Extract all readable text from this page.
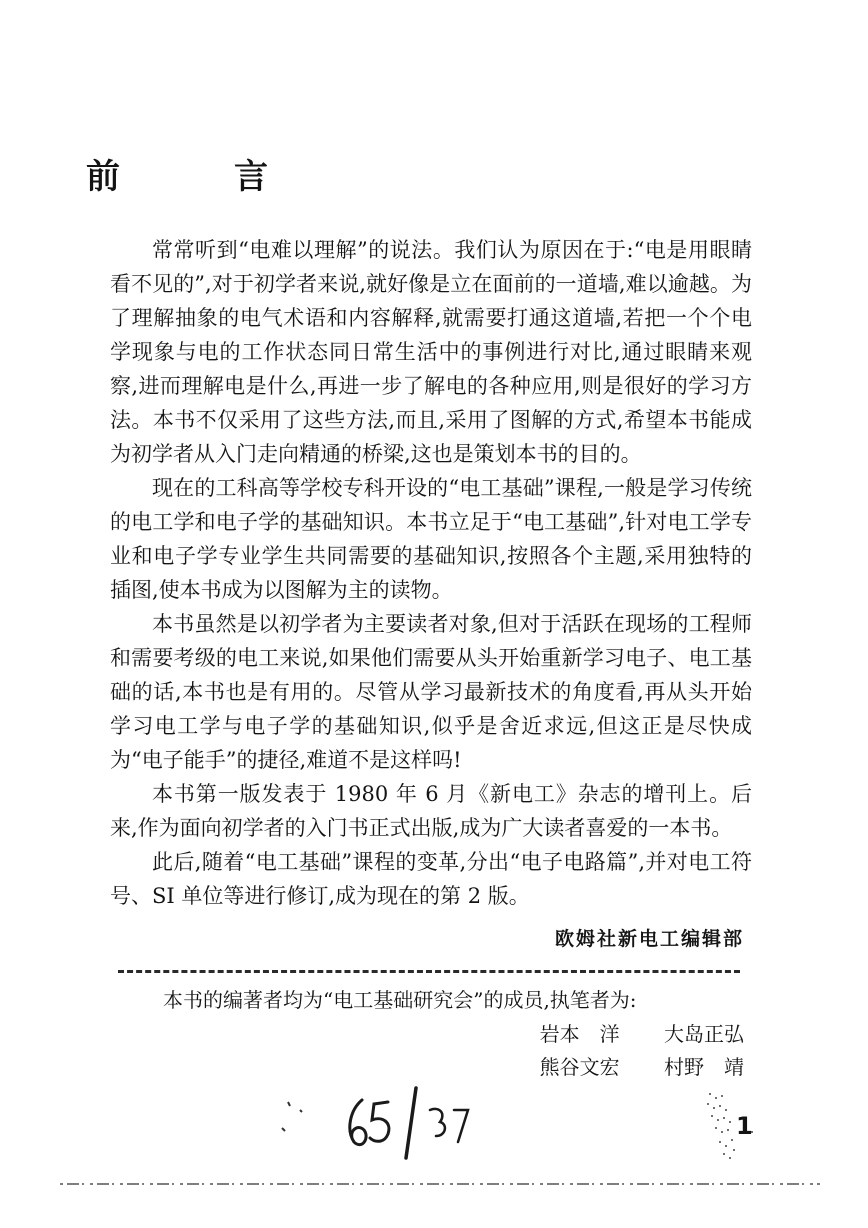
前　言

常常听到“电难以理解”的说法。我们认为原因在于:“电是用眼睛看不见的”,对于初学者来说,就好像是立在面前的一道墙,难以逾越。为了理解抽象的电气术语和内容解释,就需要打通这道墙,若把一个个电学现象与电的工作状态同日常生活中的事例进行对比,通过眼睛来观察,进而理解电是什么,再进一步了解电的各种应用,则是很好的学习方法。本书不仅采用了这些方法,而且,采用了图解的方式,希望本书能成为初学者从入门走向精通的桥梁,这也是策划本书的目的。

现在的工科高等学校专科开设的“电工基础”课程,一般是学习传统的电工学和电子学的基础知识。本书立足于“电工基础”,针对电工学专业和电子学专业学生共同需要的基础知识,按照各个主题,采用独特的插图,使本书成为以图解为主的读物。

本书虽然是以初学者为主要读者对象,但对于活跃在现场的工程师和需要考级的电工来说,如果他们需要从头开始重新学习电子、电工基础的话,本书也是有用的。尽管从学习最新技术的角度看,再从头开始学习电工学与电子学的基础知识,似乎是舍近求远,但这正是尽快成为“电子能手”的捷径,难道不是这样吗!

本书第一版发表于 1980 年 6 月《新电工》杂志的增刊上。后来,作为面向初学者的入门书正式出版,成为广大读者喜爱的一本书。

此后,随着“电工基础”课程的变革,分出“电子电路篇”,并对电工符号、SI 单位等进行修订,成为现在的第 2 版。

欧姆社新电工编辑部
本书的编著者均为“电工基础研究会”的成员,执笔者为:
岩本　洋 　大岛正弘
熊谷文宏 　村野　靖
1
